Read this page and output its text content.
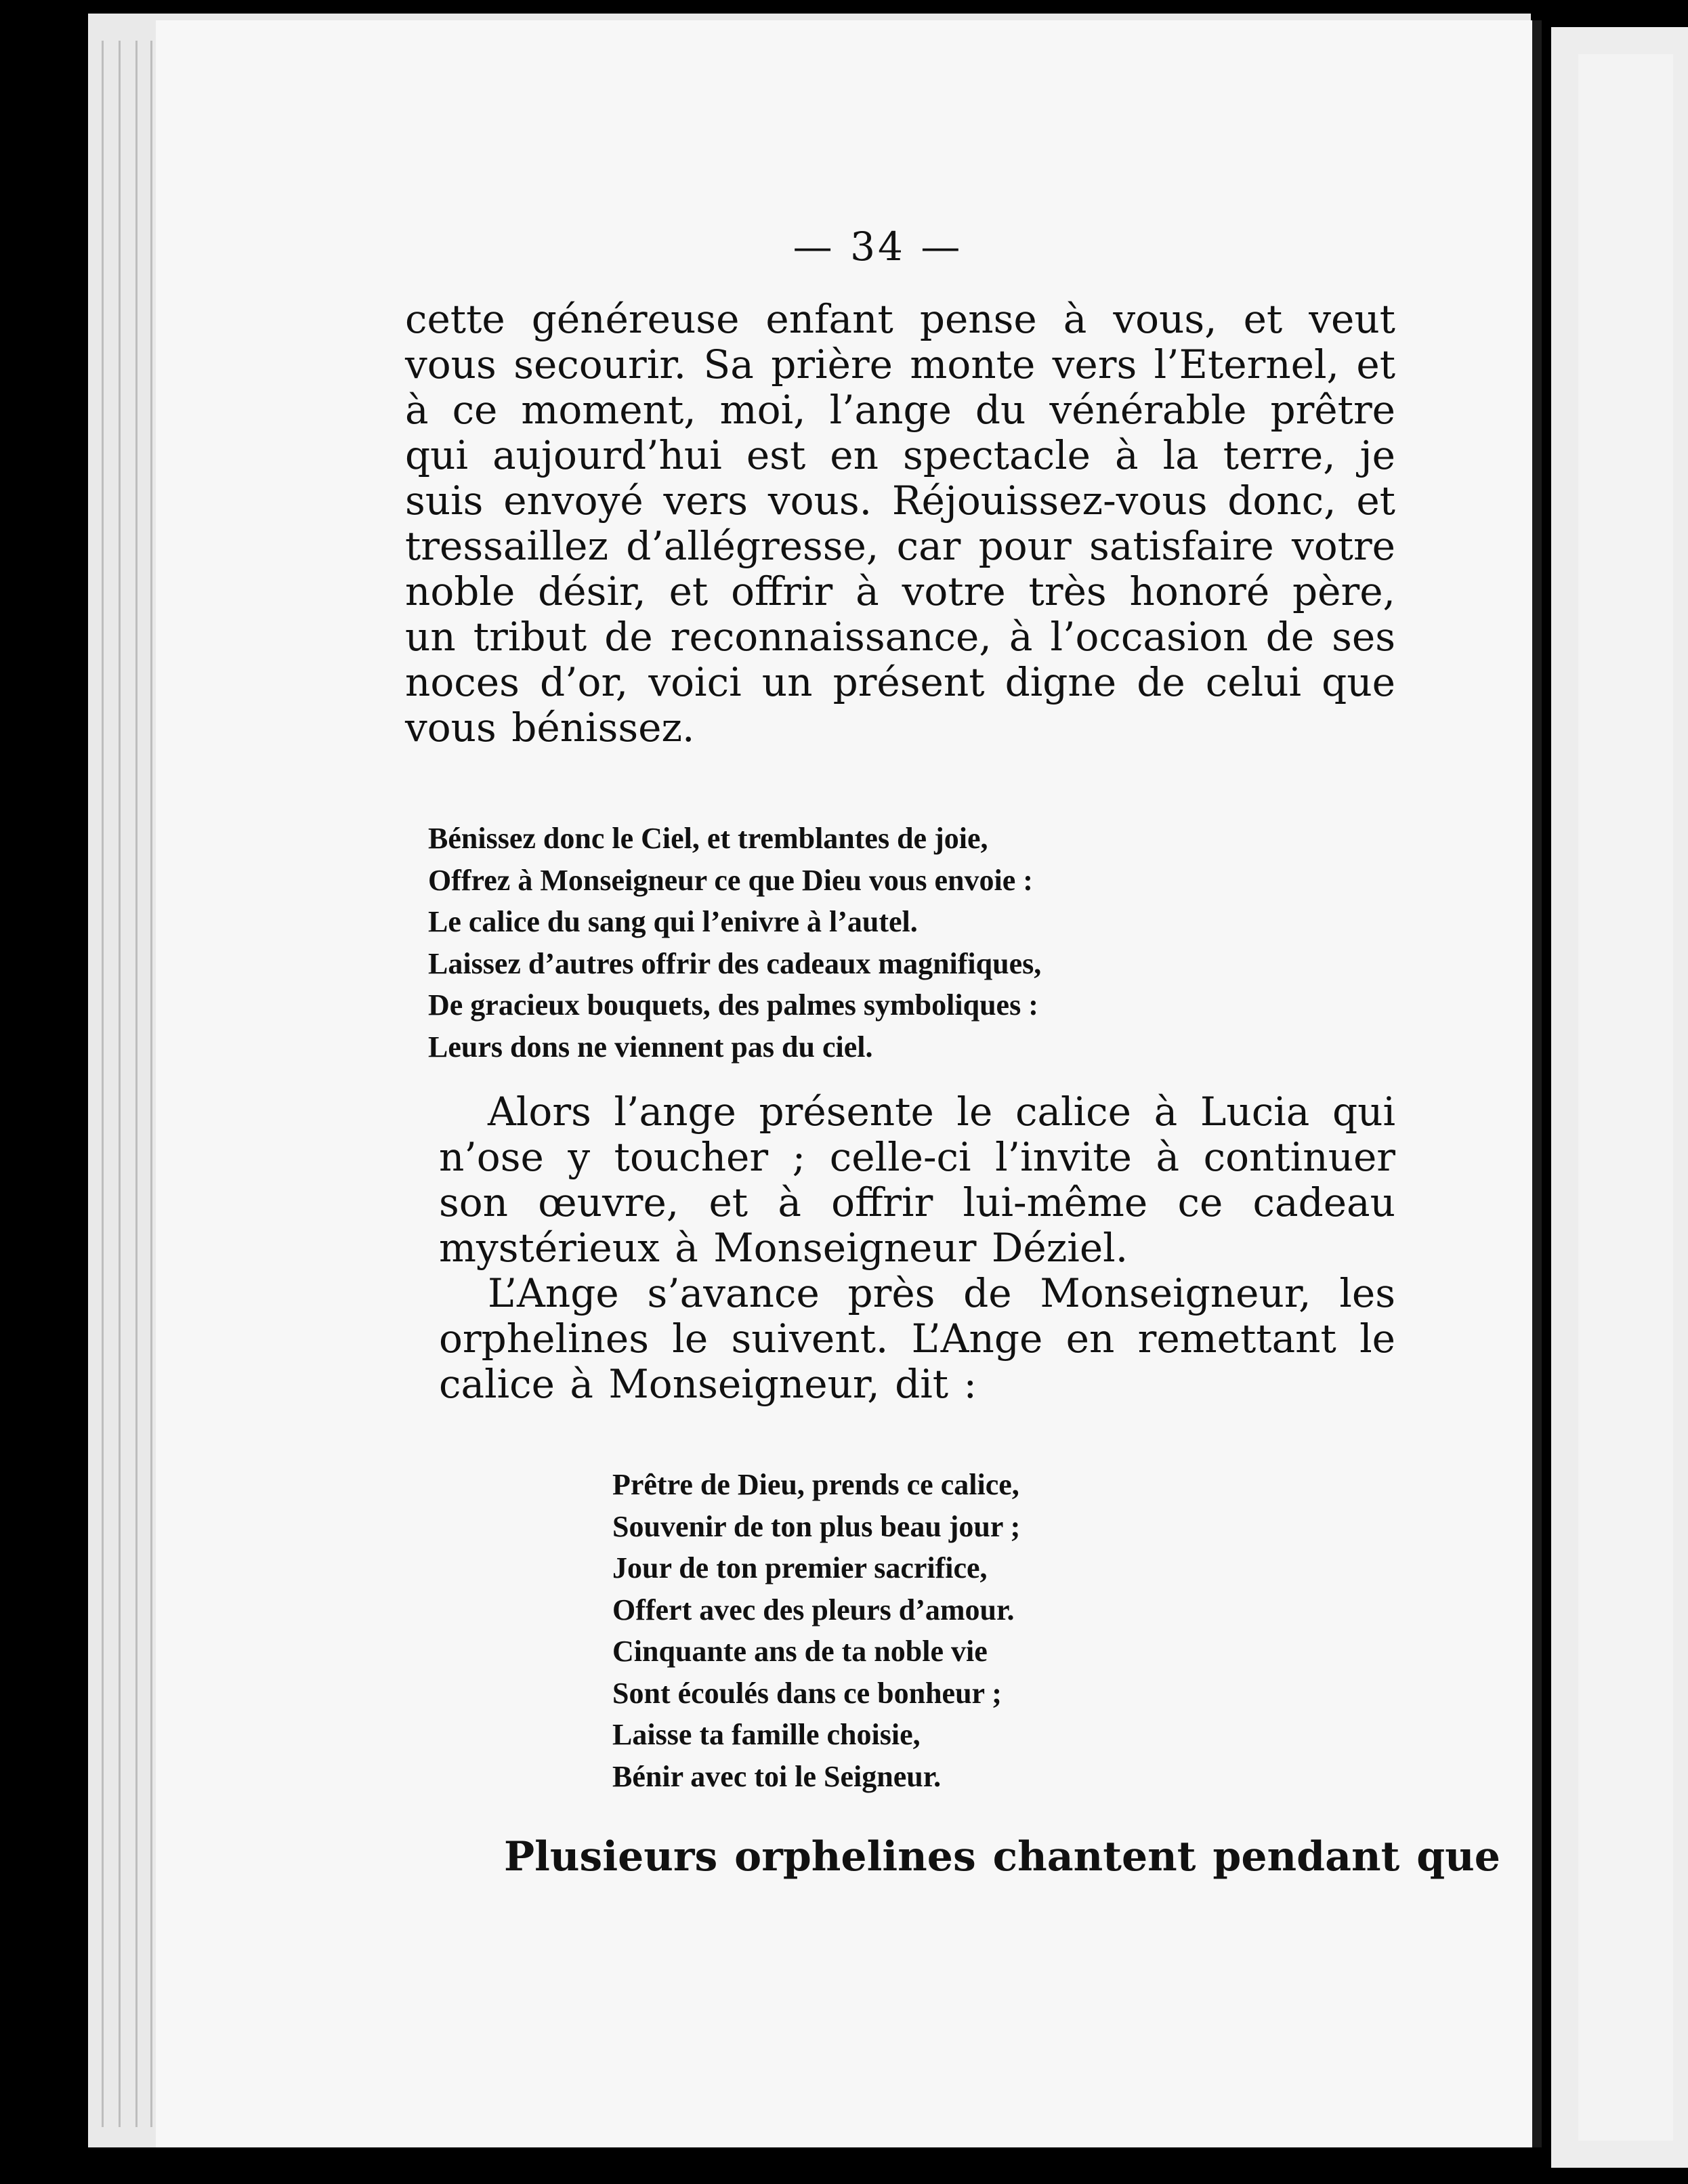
— 34 —

cette généreuse enfant pense à vous, et veut vous secourir. Sa prière monte vers l’Eternel, et à ce moment, moi, l’ange du vénérable prêtre qui aujourd’hui est en spectacle à la terre, je suis envoyé vers vous. Réjouissez-vous donc, et tressaillez d’allégresse, car pour satisfaire votre noble désir, et offrir à votre très honoré père, un tribut de reconnaissance, à l’occasion de ses noces d’or, voici un présent digne de celui que vous bénissez.

Bénissez donc le Ciel, et tremblantes de joie,
Offrez à Monseigneur ce que Dieu vous envoie :
Le calice du sang qui l’enivre à l’autel.
Laissez d’autres offrir des cadeaux magnifiques,
De gracieux bouquets, des palmes symboliques :
Leurs dons ne viennent pas du ciel.

Alors l’ange présente le calice à Lucia qui n’ose y toucher ; celle-ci l’invite à continuer son œuvre, et à offrir lui-même ce cadeau mystérieux à Monseigneur Déziel.

L’Ange s’avance près de Monseigneur, les orphelines le suivent. L’Ange en remettant le calice à Monseigneur, dit :

Prêtre de Dieu, prends ce calice,
Souvenir de ton plus beau jour ;
Jour de ton premier sacrifice,
Offert avec des pleurs d’amour.
Cinquante ans de ta noble vie
Sont écoulés dans ce bonheur ;
Laisse ta famille choisie,
Bénir avec toi le Seigneur.

Plusieurs orphelines chantent pendant que
